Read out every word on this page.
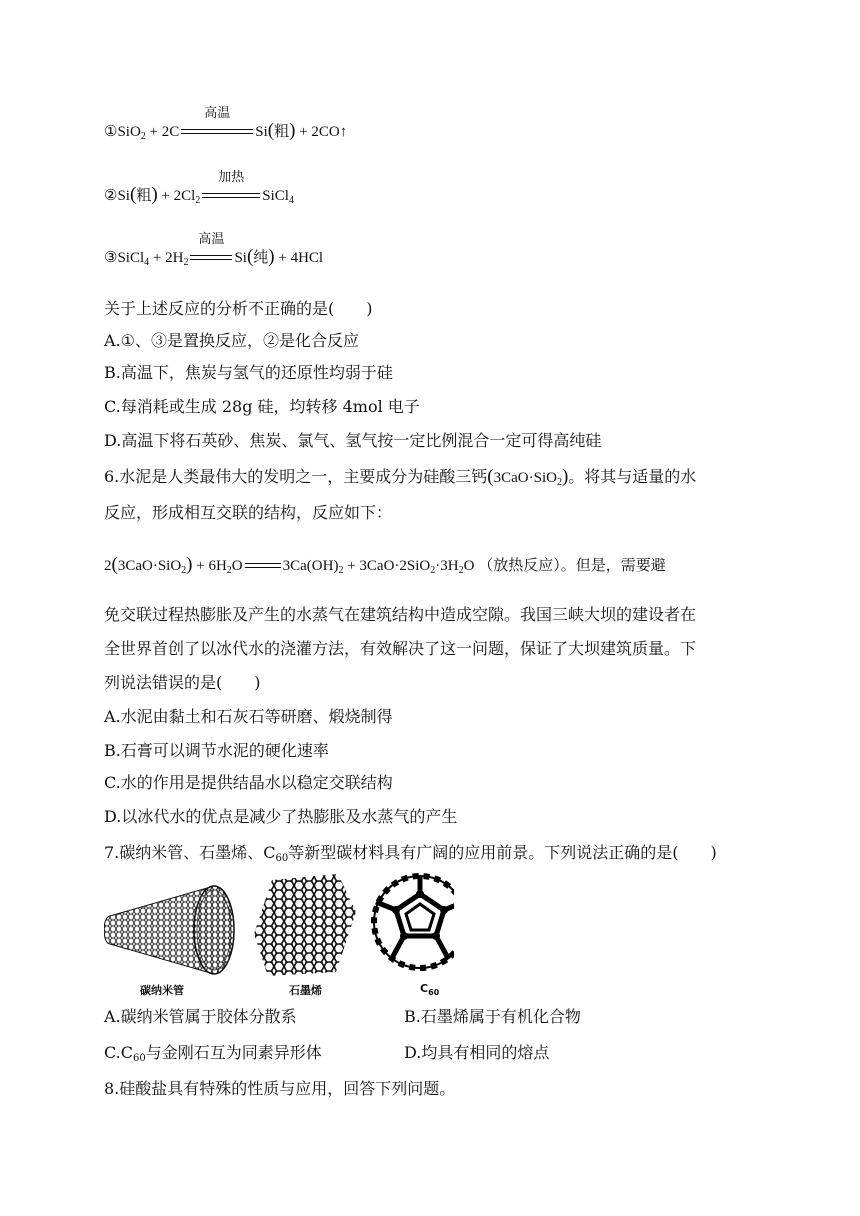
①SiO$_2$ + 2C
高温
Si(粗) + 2CO↑
②Si(粗) + $2Cl_2$
加热
SiCl$_4$
③SiCl$_4$ + $2H_2$
高温
Si(纯) + 4HCl
关于上述反应的分析不正确的是(　　)
A.①、③是置换反应，②是化合反应
B.高温下，焦炭与氢气的还原性均弱于硅
C.每消耗或生成 28g 硅，均转移 4mol 电子
D.高温下将石英砂、焦炭、氯气、氢气按一定比例混合一定可得高纯硅
6.水泥是人类最伟大的发明之一，主要成分为硅酸三钙(3CaO·SiO$_2$)。将其与适量的水
反应，形成相互交联的结构，反应如下：
$2(3CaO\cdot SiO_2) + 6H_2O$	$3Ca(OH)_2 + 3CaO\cdot 2SiO_2\cdot 3H_2O$ （放热反应）。但是，需要避
免交联过程热膨胀及产生的水蒸气在建筑结构中造成空隙。我国三峡大坝的建设者在
全世界首创了以冰代水的浇灌方法，有效解决了这一问题，保证了大坝建筑质量。下
列说法错误的是(　　)
A.水泥由黏土和石灰石等研磨、煅烧制得
B.石膏可以调节水泥的硬化速率
C.水的作用是提供结晶水以稳定交联结构
D.以冰代水的优点是减少了热膨胀及水蒸气的产生
7.碳纳米管、石墨烯、$C_{60}$等新型碳材料具有广阔的应用前景。下列说法正确的是(　　)
碳纳米管	石墨烯	$C_{60}$
A.碳纳米管属于胶体分散系	B.石墨烯属于有机化合物
$C.C_{60}$与金刚石互为同素异形体	D.均具有相同的熔点
8.硅酸盐具有特殊的性质与应用，回答下列问题。
